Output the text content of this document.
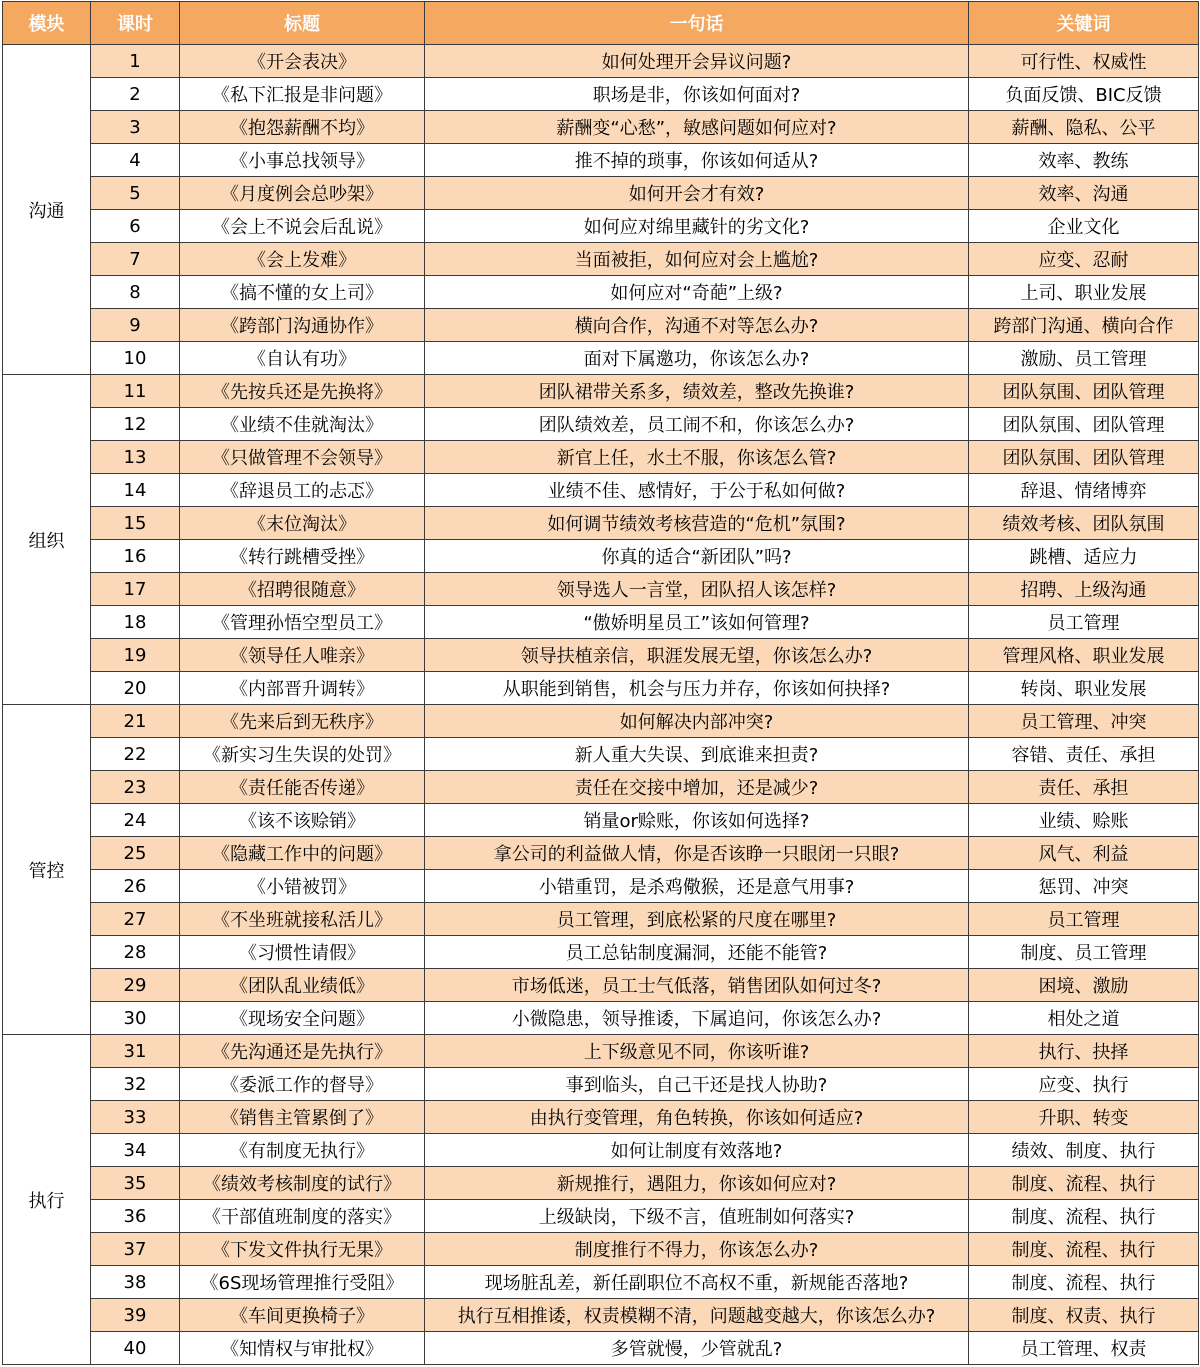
模块	课时	标题	一句话	关键词
沟通	1	《开会表决》	如何处理开会异议问题?	可行性、权威性
	2	《私下汇报是非问题》	职场是非，你该如何面对?	负面反馈、BIC反馈
	3	《抱怨薪酬不均》	薪酬变“心愁”，敏感问题如何应对?	薪酬、隐私、公平
	4	《小事总找领导》	推不掉的琐事，你该如何适从?	效率、教练
	5	《月度例会总吵架》	如何开会才有效?	效率、沟通
	6	《会上不说会后乱说》	如何应对绵里藏针的劣文化?	企业文化
	7	《会上发难》	当面被拒，如何应对会上尴尬?	应变、忍耐
	8	《搞不懂的女上司》	如何应对“奇葩”上级?	上司、职业发展
	9	《跨部门沟通协作》	横向合作，沟通不对等怎么办?	跨部门沟通、横向合作
	10	《自认有功》	面对下属邀功，你该怎么办?	激励、员工管理
组织	11	《先按兵还是先换将》	团队裙带关系多，绩效差，整改先换谁?	团队氛围、团队管理
	12	《业绩不佳就淘汰》	团队绩效差，员工闹不和，你该怎么办?	团队氛围、团队管理
	13	《只做管理不会领导》	新官上任，水土不服，你该怎么管?	团队氛围、团队管理
	14	《辞退员工的忐忑》	业绩不佳、感情好，于公于私如何做?	辞退、情绪博弈
	15	《末位淘汰》	如何调节绩效考核营造的“危机”氛围?	绩效考核、团队氛围
	16	《转行跳槽受挫》	你真的适合“新团队”吗?	跳槽、适应力
	17	《招聘很随意》	领导选人一言堂，团队招人该怎样?	招聘、上级沟通
	18	《管理孙悟空型员工》	“傲娇明星员工”该如何管理?	员工管理
	19	《领导任人唯亲》	领导扶植亲信，职涯发展无望，你该怎么办?	管理风格、职业发展
	20	《内部晋升调转》	从职能到销售，机会与压力并存，你该如何抉择?	转岗、职业发展
管控	21	《先来后到无秩序》	如何解决内部冲突?	员工管理、冲突
	22	《新实习生失误的处罚》	新人重大失误、到底谁来担责?	容错、责任、承担
	23	《责任能否传递》	责任在交接中增加，还是减少?	责任、承担
	24	《该不该赊销》	销量or赊账，你该如何选择?	业绩、赊账
	25	《隐藏工作中的问题》	拿公司的利益做人情，你是否该睁一只眼闭一只眼?	风气、利益
	26	《小错被罚》	小错重罚，是杀鸡儆猴，还是意气用事?	惩罚、冲突
	27	《不坐班就接私活儿》	员工管理，到底松紧的尺度在哪里?	员工管理
	28	《习惯性请假》	员工总钻制度漏洞，还能不能管?	制度、员工管理
	29	《团队乱业绩低》	市场低迷，员工士气低落，销售团队如何过冬?	困境、激励
	30	《现场安全问题》	小微隐患，领导推诿，下属追问，你该怎么办?	相处之道
执行	31	《先沟通还是先执行》	上下级意见不同，你该听谁?	执行、抉择
	32	《委派工作的督导》	事到临头，自己干还是找人协助?	应变、执行
	33	《销售主管累倒了》	由执行变管理，角色转换，你该如何适应?	升职、转变
	34	《有制度无执行》	如何让制度有效落地?	绩效、制度、执行
	35	《绩效考核制度的试行》	新规推行，遇阻力，你该如何应对?	制度、流程、执行
	36	《干部值班制度的落实》	上级缺岗，下级不言，值班制如何落实?	制度、流程、执行
	37	《下发文件执行无果》	制度推行不得力，你该怎么办?	制度、流程、执行
	38	《6S现场管理推行受阻》	现场脏乱差，新任副职位不高权不重，新规能否落地?	制度、流程、执行
	39	《车间更换椅子》	执行互相推诿，权责模糊不清，问题越变越大，你该怎么办?	制度、权责、执行
	40	《知情权与审批权》	多管就慢，少管就乱?	员工管理、权责
